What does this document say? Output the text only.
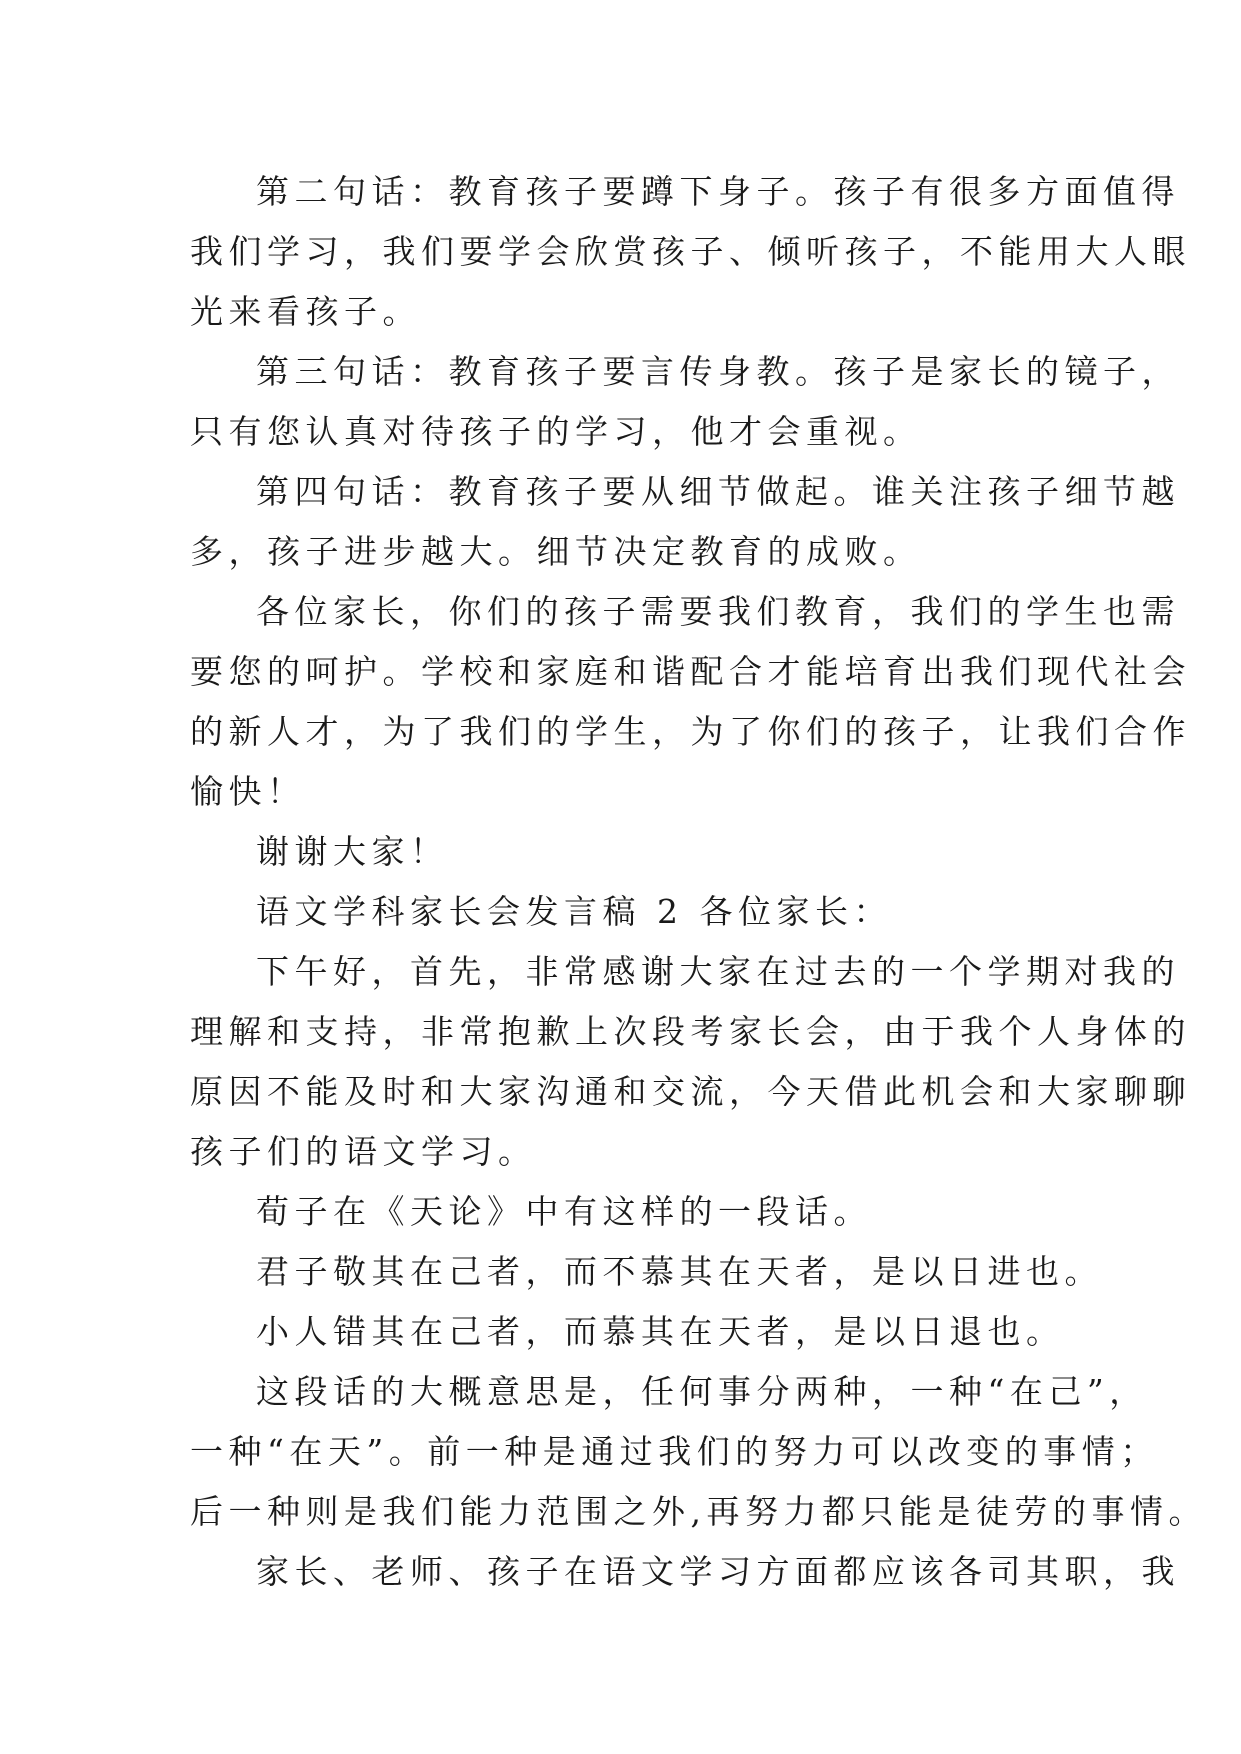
第二句话：教育孩子要蹲下身子。孩子有很多方面值得
我们学习，我们要学会欣赏孩子、倾听孩子，不能用大人眼
光来看孩子。
第三句话：教育孩子要言传身教。孩子是家长的镜子，
只有您认真对待孩子的学习，他才会重视。
第四句话：教育孩子要从细节做起。谁关注孩子细节越
多，孩子进步越大。细节决定教育的成败。
各位家长，你们的孩子需要我们教育，我们的学生也需
要您的呵护。学校和家庭和谐配合才能培育出我们现代社会
的新人才，为了我们的学生，为了你们的孩子，让我们合作
愉快！
谢谢大家！
语文学科家长会发言稿 2 各位家长：
下午好，首先，非常感谢大家在过去的一个学期对我的
理解和支持，非常抱歉上次段考家长会，由于我个人身体的
原因不能及时和大家沟通和交流，今天借此机会和大家聊聊
孩子们的语文学习。
荀子在《天论》中有这样的一段话。
君子敬其在己者，而不慕其在天者，是以日进也。
小人错其在己者，而慕其在天者，是以日退也。
这段话的大概意思是，任何事分两种，一种“在己”，
一种“在天”。前一种是通过我们的努力可以改变的事情；
后一种则是我们能力范围之外,再努力都只能是徒劳的事情。
家长、老师、孩子在语文学习方面都应该各司其职，我
